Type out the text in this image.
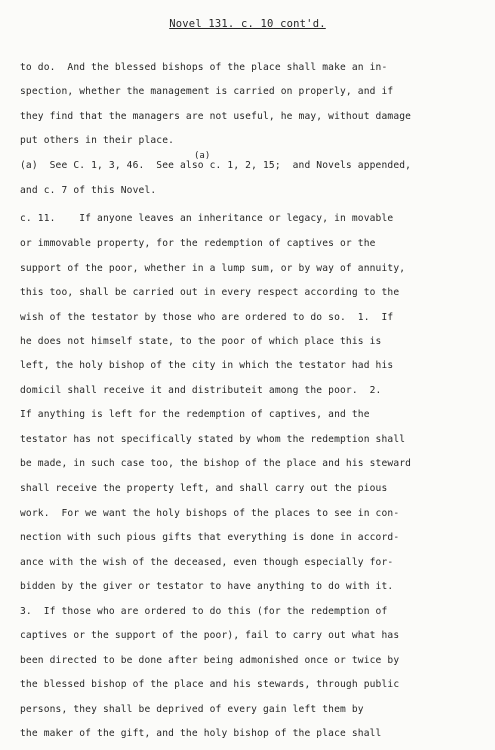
Novel 131. c. 10 cont'd.
(a)
to do.  And the blessed bishops of the place shall make an in-
spection, whether the management is carried on properly, and if
they find that the managers are not useful, he may, without damage
put others in their place.
(a)  See C. 1, 3, 46.  See also c. 1, 2, 15;  and Novels appended,
and c. 7 of this Novel.
c. 11.    If anyone leaves an inheritance or legacy, in movable
or immovable property, for the redemption of captives or the
support of the poor, whether in a lump sum, or by way of annuity,
this too, shall be carried out in every respect according to the
wish of the testator by those who are ordered to do so.  1.  If
he does not himself state, to the poor of which place this is
left, the holy bishop of the city in which the testator had his
domicil shall receive it and distributeit among the poor.  2.
If anything is left for the redemption of captives, and the
testator has not specifically stated by whom the redemption shall
be made, in such case too, the bishop of the place and his steward
shall receive the property left, and shall carry out the pious
work.  For we want the holy bishops of the places to see in con-
nection with such pious gifts that everything is done in accord-
ance with the wish of the deceased, even though especially for-
bidden by the giver or testator to have anything to do with it.
3.  If those who are ordered to do this (for the redemption of
captives or the support of the poor), fail to carry out what has
been directed to be done after being admonished once or twice by
the blessed bishop of the place and his stewards, through public
persons, they shall be deprived of every gain left them by
the maker of the gift, and the holy bishop of the place shall
